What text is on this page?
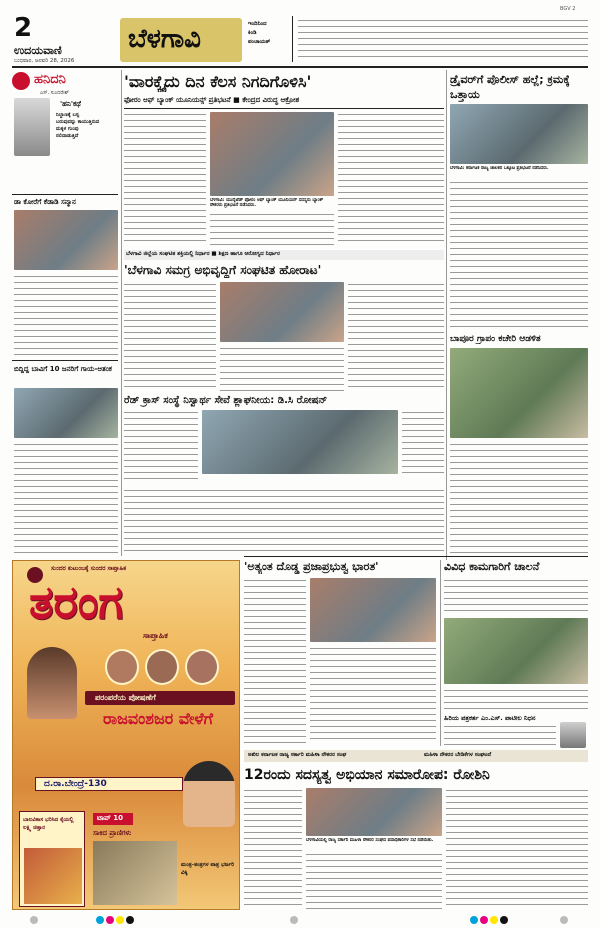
2
ಉದಯವಾಣಿ
ಬುಧವಾರ, ಜನವರಿ 28, 2026
ಬೆಳಗಾವಿ	ಇಂದಿನಿಂದ
ಕಿಂಡಿ
ಪಂಚಾಯತ್
BGV 2
ಹನಿದನಿ
ಎಸ್. ಸುಂದರೇಶ್
'ಹನಿ'ಕಥೆ
ನಿಲ್ದಾಣಕ್ಕೆ ಬಸ್ಸ
ಬರುವುದನ್ನು ಕಾಯುತ್ತಿರುವ
ಮಕ್ಕಳ ಗುಂಪು
ನಲಿದಾಡುತ್ತಿದೆ
ಡಾ ಕೋರೆಗೆ ಕೆಡಾಡಿ ಸನ್ಮಾನ
ಬಿದ್ದಿದ್ದ ಬಾವಿಗೆ 10 ಜನರಿಗೆ ಗಾಯ-ಆತಂಕ
'ವಾರಕ್ಕೈದು ದಿನ ಕೆಲಸ ನಿಗದಿಗೊಳಿಸಿ'
ಫೋರಂ ಆಫ್ ಬ್ಯಾಂಕ್ ಯೂನಿಯನ್ಸ್ ಪ್ರತಿಭಟನೆ ■ ಕೇಂದ್ರದ ವಿರುದ್ಧ ಆಕ್ರೋಶ
ಬೆಳಗಾವಿ: ಯುನೈಟೆಡ್ ಫೋರಂ ಆಫ್ ಬ್ಯಾಂಕ್ ಯೂನಿಯನ್ ಸದಸ್ಯರು ಬ್ಯಾಂಕ್ ನೌಕರರು ಪ್ರತಿಭಟನೆ ನಡೆಸಿದರು.
ಡ್ರೈವರ್‌ಗೆ ಪೊಲೀಸ್ ಹಲ್ಲೆ; ಕ್ರಮಕ್ಕೆ ಒತ್ತಾಯ
ಬೆಳಗಾವಿ: ಕರ್ನಾಟಕ ರಾಜ್ಯ ಚಾಲಕರ ಒಕ್ಕೂಟ ಪ್ರತಿಭಟನೆ ನಡೆಸಿದರು.
ಬೆಳಗಾವಿ ಜಿಲ್ಲೆಯ ಸಂಘಟಿತ ಶಕ್ತಿಯಲ್ಲಿ ನಿರ್ಧಾರ ■ ಶಿಕ್ಷಣ ಹಾಗೂ ಆರೋಗ್ಯದ ನಿರ್ಧಾರ
'ಬೆಳಗಾವಿ ಸಮಗ್ರ ಅಭಿವೃದ್ಧಿಗೆ ಸಂಘಟಿತ ಹೋರಾಟ'
ರೆಡ್ ಕ್ರಾಸ್ ಸಂಸ್ಥೆ ನಿಸ್ವಾರ್ಥ ಸೇವೆ ಶ್ಲಾಘನೀಯ: ಡಿ.ಸಿ ರೋಷನ್
ಬಾಪೂರ ಗ್ರಾಪಂ ಕಚೇರಿ ಆಡಳಿತ
ಸುಂದರ ಕುಟುಂಬಕ್ಕೆ ಸುಂದರ ಸಾಪ್ತಾಹಿಕ
ತರಂಗ
ಸಾಪ್ತಾಹಿಕ
ಪರಂಪರೆಯ ಪೋಷಣೆಗೆ
ರಾಜವಂಶಜರ ವೇಳೆಗೆ
ದ.ರಾ.ಬೇಂದ್ರೆ-130
ಬಾಲವಿಕಾಸ ಭರಿಸಿದ ಕೈಯಲ್ಲಿ ಲಕ್ಷ್ಮಿ ಚಿತ್ತಾರ
ಟಾಪ್ 10
ಸಾಕಿದ ಪ್ರಾಣಿಗಳು
ಮಂತ್ರ-ತಂತ್ರಗಳ ಪಾತ್ರ ಭರ್ಜರಿ ವಿಕ್ಕಿ
'ಅತ್ಯಂತ ದೊಡ್ಡ ಪ್ರಜಾಪ್ರಭುತ್ವ ಭಾರತ'	ವಿವಿಧ ಕಾಮಗಾರಿಗೆ ಚಾಲನೆ
ಹಿರಿಯ ಪತ್ರಕರ್ತ ಎಂ.ಎಸ್. ಪಾಟೀಲ ನಿಧನ
ಅಖಿಲ ಕರ್ನಾಟಕ ರಾಜ್ಯ ಸರ್ಕಾರಿ ಮಹಿಳಾ ನೌಕರರ ಸಂಘ	ಮಹಿಳಾ ನೌಕರರ ಬೇಡಿಕೆಗಳ ಸಂಘಟನೆ
12ರಂದು ಸದಸ್ಯತ್ವ ಅಭಿಯಾನ ಸಮಾರೋಪ: ರೋಶಿನಿ
ಬೆಳಗಾವಿಯಲ್ಲಿ ರಾಜ್ಯ ಸರ್ಕಾರಿ ಮಹಿಳಾ ನೌಕರರ ಸಂಘದ ಪದಾಧಿಕಾರಿಗಳ ಸಭೆ ನಡೆಯಿತು.
